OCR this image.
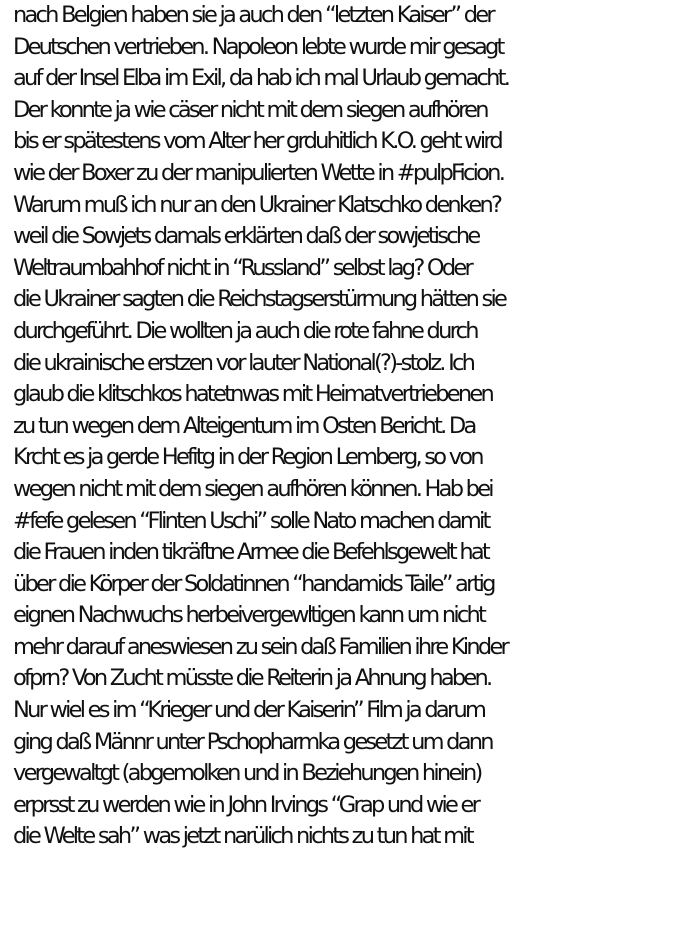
nach Belgien haben sie ja auch den “letzten Kaiser” der
Deutschen vertrieben. Napoleon lebte wurde mir gesagt
auf der Insel Elba im Exil, da hab ich mal Urlaub gemacht.
Der konnte ja wie cäser nicht mit dem siegen aufhören
bis er spätestens vom Alter her grduhitlich K.O. geht wird
wie der Boxer zu der manipulierten Wette in #pulpFicion.
Warum muß ich nur an den Ukrainer Klatschko denken?
weil die Sowjets damals erklärten daß der sowjetische
Weltraumbahhof nicht in “Russland” selbst lag? Oder
die Ukrainer sagten die Reichstagserstürmung hätten sie
durchgeführt. Die wollten ja auch die rote fahne durch
die ukrainische erstzen vor lauter National(?)-stolz. Ich
glaub die klitschkos hatetnwas mit Heimatvertriebenen
zu tun wegen dem Alteigentum im Osten Bericht. Da
Krcht es ja gerde Hefitg in der Region Lemberg, so von
wegen nicht mit dem siegen aufhören können. Hab bei
#fefe gelesen “Flinten Uschi” solle Nato machen damit
die Frauen inden tikräftne Armee die Befehlsgewelt hat
über die Körper der Soldatinnen “handamids Taile” artig
eignen Nachwuchs herbeivergewltigen kann um nicht
mehr darauf aneswiesen zu sein daß Familien ihre Kinder
ofprn? Von Zucht müsste die Reiterin ja Ahnung haben.
Nur wiel es im “Krieger und der Kaiserin” Film ja darum
ging daß Männr unter Pschopharmka gesetzt um dann
vergewaltgt (abgemolken und in Beziehungen hinein)
erprsst zu werden wie in John Irvings “Grap und wie er
die Welte sah” was jetzt narülich nichts zu tun hat mit
